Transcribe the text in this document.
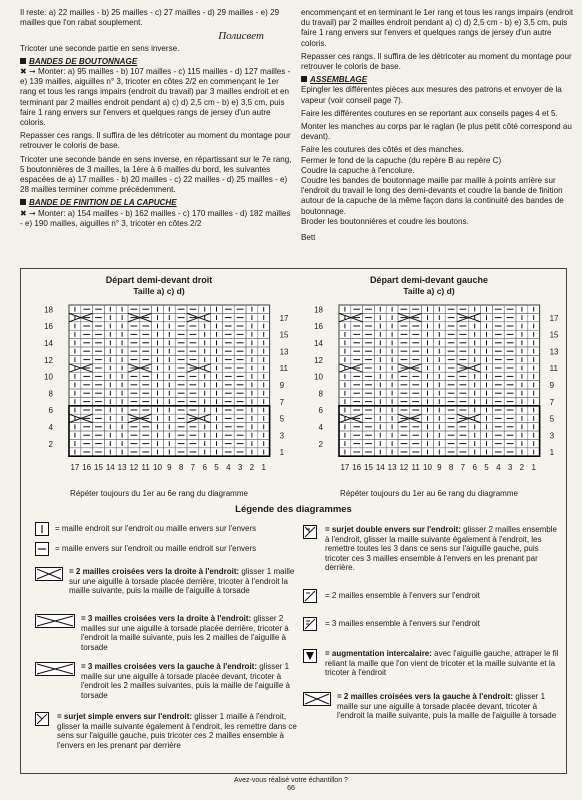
Il reste: a) 22 mailles - b) 25 mailles - c) 27 mailles - d) 29 mailles - e) 29 mailles que l'on rabat souplement.

Полисвет

Tricoter une seconde partie en sens inverse.

BANDES DE BOUTONNAGE

✖ ➞ Monter: a) 95 mailles - b) 107 mailles - c) 115 mailles - d) 127 mailles - e) 139 mailles, aiguilles n° 3, tricoter en côtes 2/2 en commençant le 1er rang et tous les rangs impairs (endroit du travail) par 3 mailles endroit et en terminant par 2 mailles endroit pendant a) c) d) 2,5 cm - b) e) 3,5 cm, puis faire 1 rang envers sur l'envers et quelques rangs de jersey d'un autre coloris.

Repasser ces rangs. Il suffira de les détricoter au moment du montage pour retrouver le coloris de base.

Tricoter une seconde bande en sens inverse, en répartissant sur le 7e rang, 5 boutonnières de 3 mailles, la 1ère à 6 mailles du bord, les suivantes espacées de a) 17 mailles - b) 20 mailles - c) 22 mailles - d) 25 mailles - e) 28 mailles terminer comme précédemment.

BANDE DE FINITION DE LA CAPUCHE

✖ ➞ Monter: a) 154 mailles - b) 162 mailles - c) 170 mailles - d) 182 mailles - e) 190 mailles, aiguilles n° 3, tricoter en côtes 2/2

encommençant et en terminant le 1er rang et tous les rangs impairs (endroit du travail) par 2 mailles endroit pendant a) c) d) 2,5 cm - b) e) 3,5 cm, puis faire 1 rang envers sur l'envers et quelques rangs de jersey d'un autre coloris.

Repasser ces rangs. Il suffira de les détricoter au moment du montage pour retrouver le coloris de base.

ASSEMBLAGE

Epingler les différentes pièces aux mesures des patrons et envoyer de la vapeur (voir conseil page 7).

Faire les différentes coutures en se reportant aux conseils pages 4 et 5.

Monter les manches au corps par le raglan (le plus petit côté correspond au devant).

Faire les coutures des côtés et des manches.

Fermer le fond de la capuche (du repère B au repère C)

Coudre la capuche à l'encolure.

Coudre les bandes de boutonnage maille par maille à points arrière sur l'endroit du travail le long des demi-devants et coudre la bande de finition autour de la capuche de la même façon dans la continuité des bandes de boutonnage.

Broder les boutonnières et coudre les boutons.

Bett

Départ demi-devant droit
Taille a) c) d)
18
16
14
12
10
8
6
4
2
17
15
13
11
9
7
5
3
1
17 16 15 14 13 12 11 10 9 8 7 6 5 4 3 2 1
Répéter toujours du 1er au 6e rang du diagramme
Départ demi-devant gauche
Taille a) c) d)
18
16
14
12
10
8
6
4
2
17
15
13
11
9
7
5
3
1
17 16 15 14 13 12 11 10 9 8 7 6 5 4 3 2 1
Répéter toujours du 1er au 6e rang du diagramme
Légende des diagrammes
= maille endroit sur l'endroit ou maille envers sur l'envers
= maille envers sur l'endroit ou maille endroit sur l'envers
= 2 mailles croisées vers la droite à l'endroit: glisser 1 maille sur une aiguille à torsade placée derrière, tricoter à l'endroit la maille suivante, puis la maille de l'aiguille à torsade
= 3 mailles croisées vers la droite à l'endroit: glisser 2 mailles sur une aiguille à torsade placée derrière, tricoter à l'endroit la maille suivante, puis les 2 mailles de l'aiguille à torsade
= 3 mailles croisées vers la gauche à l'endroit: glisser 1 maille sur une aiguille à torsade placée devant, tricoter à l'endroit les 2 mailles suivantes, puis la maille de l'aiguille à torsade
= surjet simple envers sur l'endroit: glisser 1 maille à l'endroit, glisser la maille suivante également à l'endroit, les remettre dans ce sens sur l'aiguille gauche, puis tricoter ces 2 mailles ensemble à l'envers en les prenant par derrière
= surjet double envers sur l'endroit: glisser 2 mailles ensemble à l'endroit, glisser la maille suivante également à l'endroit, les remettre toutes les 3 dans ce sens sur l'aiguille gauche, puis tricoter ces 3 mailles ensemble à l'envers en les prenant par derrière.
= 2 mailles ensemble à l'envers sur l'endroit
= 3 mailles ensemble à l'envers sur l'endroit
= augmentation intercalaire: avec l'aiguille gauche, attraper le fil reliant la maille que l'on vient de tricoter et la maille suivante et la tricoter à l'endroit
= 2 mailles croisées vers la gauche à l'endroit: glisser 1 maille sur une aiguille à torsade placée devant, tricoter à l'endroit la maille suivante, puis la maille de l'aiguille à torsade
Avez-vous réalisé votre échantillon ?
66
